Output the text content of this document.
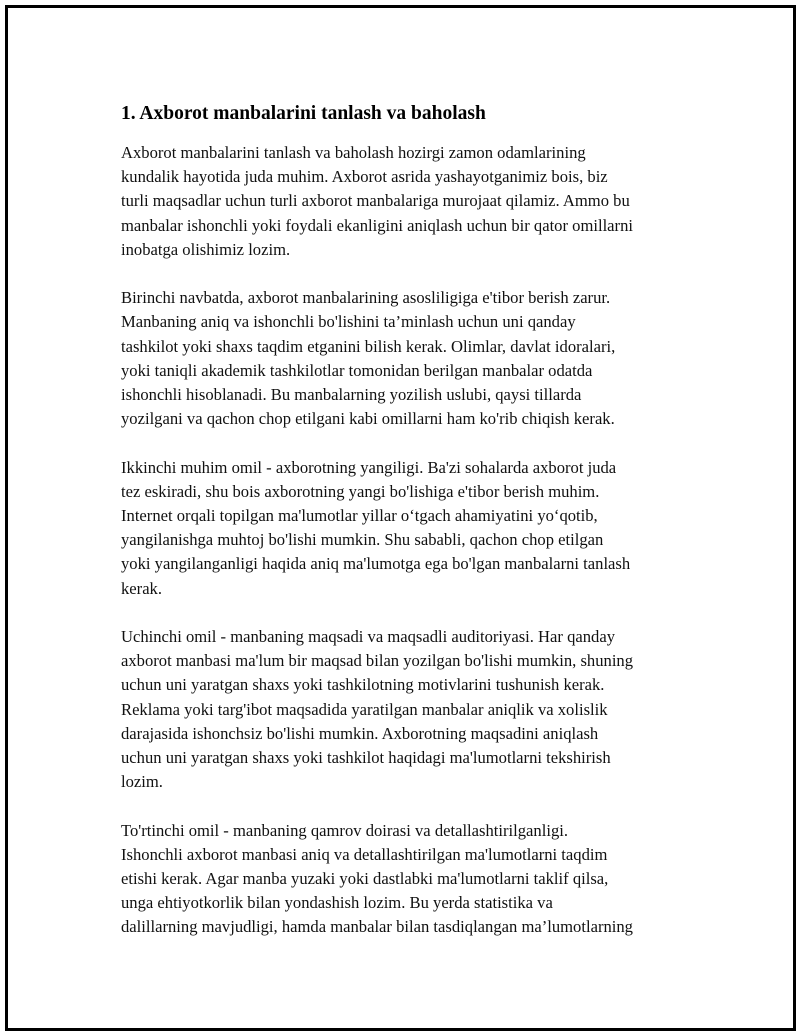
1. Axborot manbalarini tanlash va baholash

Axborot manbalarini tanlash va baholash hozirgi zamon odamlarining
kundalik hayotida juda muhim. Axborot asrida yashayotganimiz bois, biz
turli maqsadlar uchun turli axborot manbalariga murojaat qilamiz. Ammo bu
manbalar ishonchli yoki foydali ekanligini aniqlash uchun bir qator omillarni
inobatga olishimiz lozim.

Birinchi navbatda, axborot manbalarining asosliligiga e'tibor berish zarur.
Manbaning aniq va ishonchli bo'lishini ta’minlash uchun uni qanday
tashkilot yoki shaxs taqdim etganini bilish kerak. Olimlar, davlat idoralari,
yoki taniqli akademik tashkilotlar tomonidan berilgan manbalar odatda
ishonchli hisoblanadi. Bu manbalarning yozilish uslubi, qaysi tillarda
yozilgani va qachon chop etilgani kabi omillarni ham ko'rib chiqish kerak.

Ikkinchi muhim omil - axborotning yangiligi. Ba'zi sohalarda axborot juda
tez eskiradi, shu bois axborotning yangi bo'lishiga e'tibor berish muhim.
Internet orqali topilgan ma'lumotlar yillar o‘tgach ahamiyatini yo‘qotib,
yangilanishga muhtoj bo'lishi mumkin. Shu sababli, qachon chop etilgan
yoki yangilanganligi haqida aniq ma'lumotga ega bo'lgan manbalarni tanlash
kerak.

Uchinchi omil - manbaning maqsadi va maqsadli auditoriyasi. Har qanday
axborot manbasi ma'lum bir maqsad bilan yozilgan bo'lishi mumkin, shuning
uchun uni yaratgan shaxs yoki tashkilotning motivlarini tushunish kerak.
Reklama yoki targ'ibot maqsadida yaratilgan manbalar aniqlik va xolislik
darajasida ishonchsiz bo'lishi mumkin. Axborotning maqsadini aniqlash
uchun uni yaratgan shaxs yoki tashkilot haqidagi ma'lumotlarni tekshirish
lozim.

To'rtinchi omil - manbaning qamrov doirasi va detallashtirilganligi.
Ishonchli axborot manbasi aniq va detallashtirilgan ma'lumotlarni taqdim
etishi kerak. Agar manba yuzaki yoki dastlabki ma'lumotlarni taklif qilsa,
unga ehtiyotkorlik bilan yondashish lozim. Bu yerda statistika va
dalillarning mavjudligi, hamda manbalar bilan tasdiqlangan ma’lumotlarning
